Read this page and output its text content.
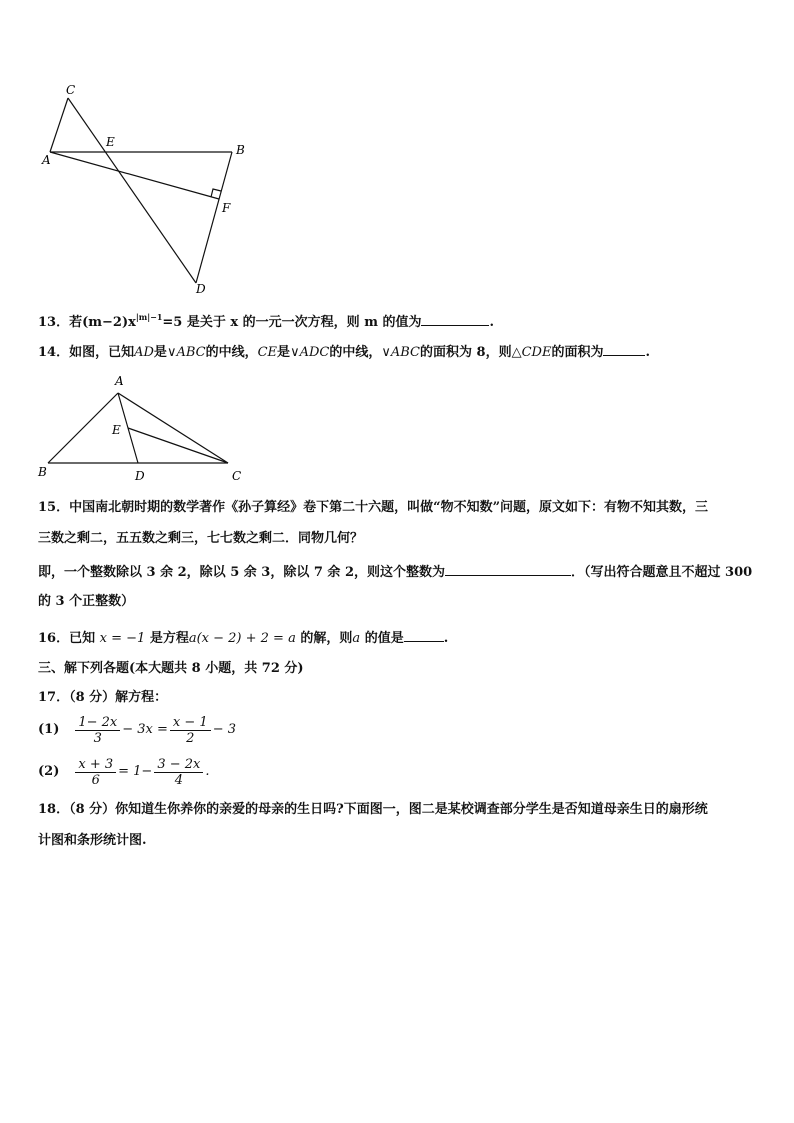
C
E
A
B
F
D
13．若$(m-2)x^{|m|-1}=5$ 是关于 x 的一元一次方程，则 m 的值为	.
14．如图，已知AD是∨ABC的中线，CE是∨ADC的中线，∨ABC的面积为 8，则△CDE的面积为	.
A
E
B	D	C
15．中国南北朝时期的数学著作《孙子算经》卷下第二十六题，叫做“物不知数”问题，原文如下：有物不知其数，三
三数之剩二，五五数之剩三，七七数之剩二．同物几何？
即，一个整数除以 3 余 2，除以 5 余 3，除以 7 余 2，则这个整数为	．（写出符合题意且不超过 300
的 3 个正整数）
16．已知 x = −1 是方程a(x − 2) + 2 = a 的解，则a 的值是	.
三、解下列各题(本大题共 8 小题，共 72 分)
17．（8 分）解方程：
$(1) \frac{1- 2x}{3} - 3x = \frac{x - 1}{2} - 3$
$(2) \frac{x + 3}{6} = 1- \frac{3 - 2x}{4}$ .
18．（8 分）你知道生你养你的亲爱的母亲的生日吗?下面图一，图二是某校调查部分学生是否知道母亲生日的扇形统
计图和条形统计图.
